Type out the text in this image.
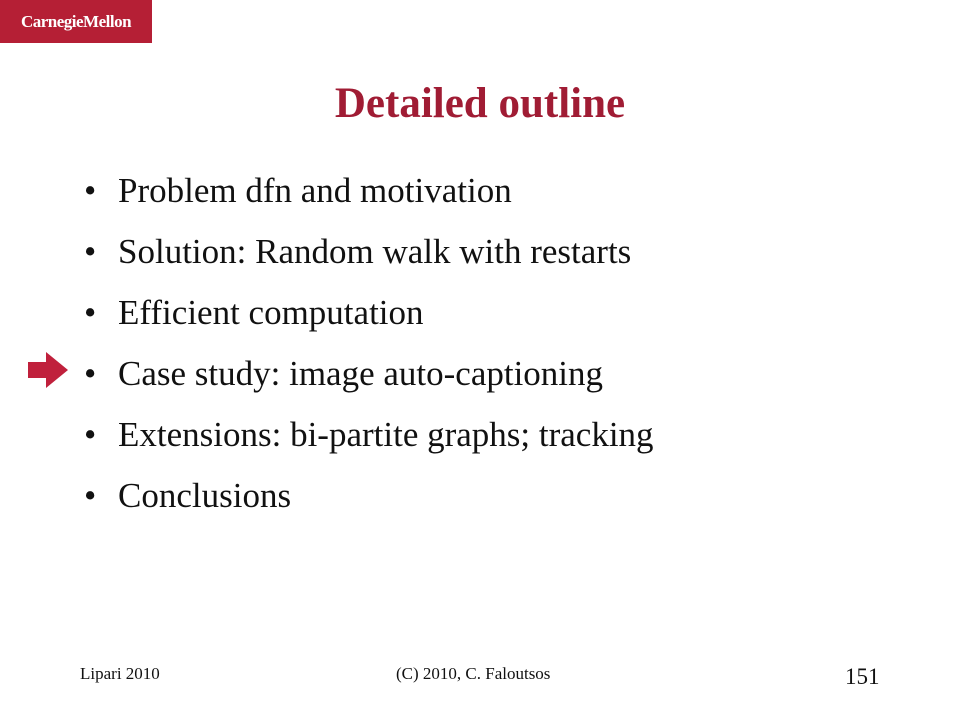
CarnegieMellon
Detailed outline
• Problem dfn and motivation
• Solution: Random walk with restarts
• Efficient computation
• Case study: image auto-captioning
• Extensions: bi-partite graphs; tracking
• Conclusions
Lipari 2010	(C) 2010, C. Faloutsos	151
